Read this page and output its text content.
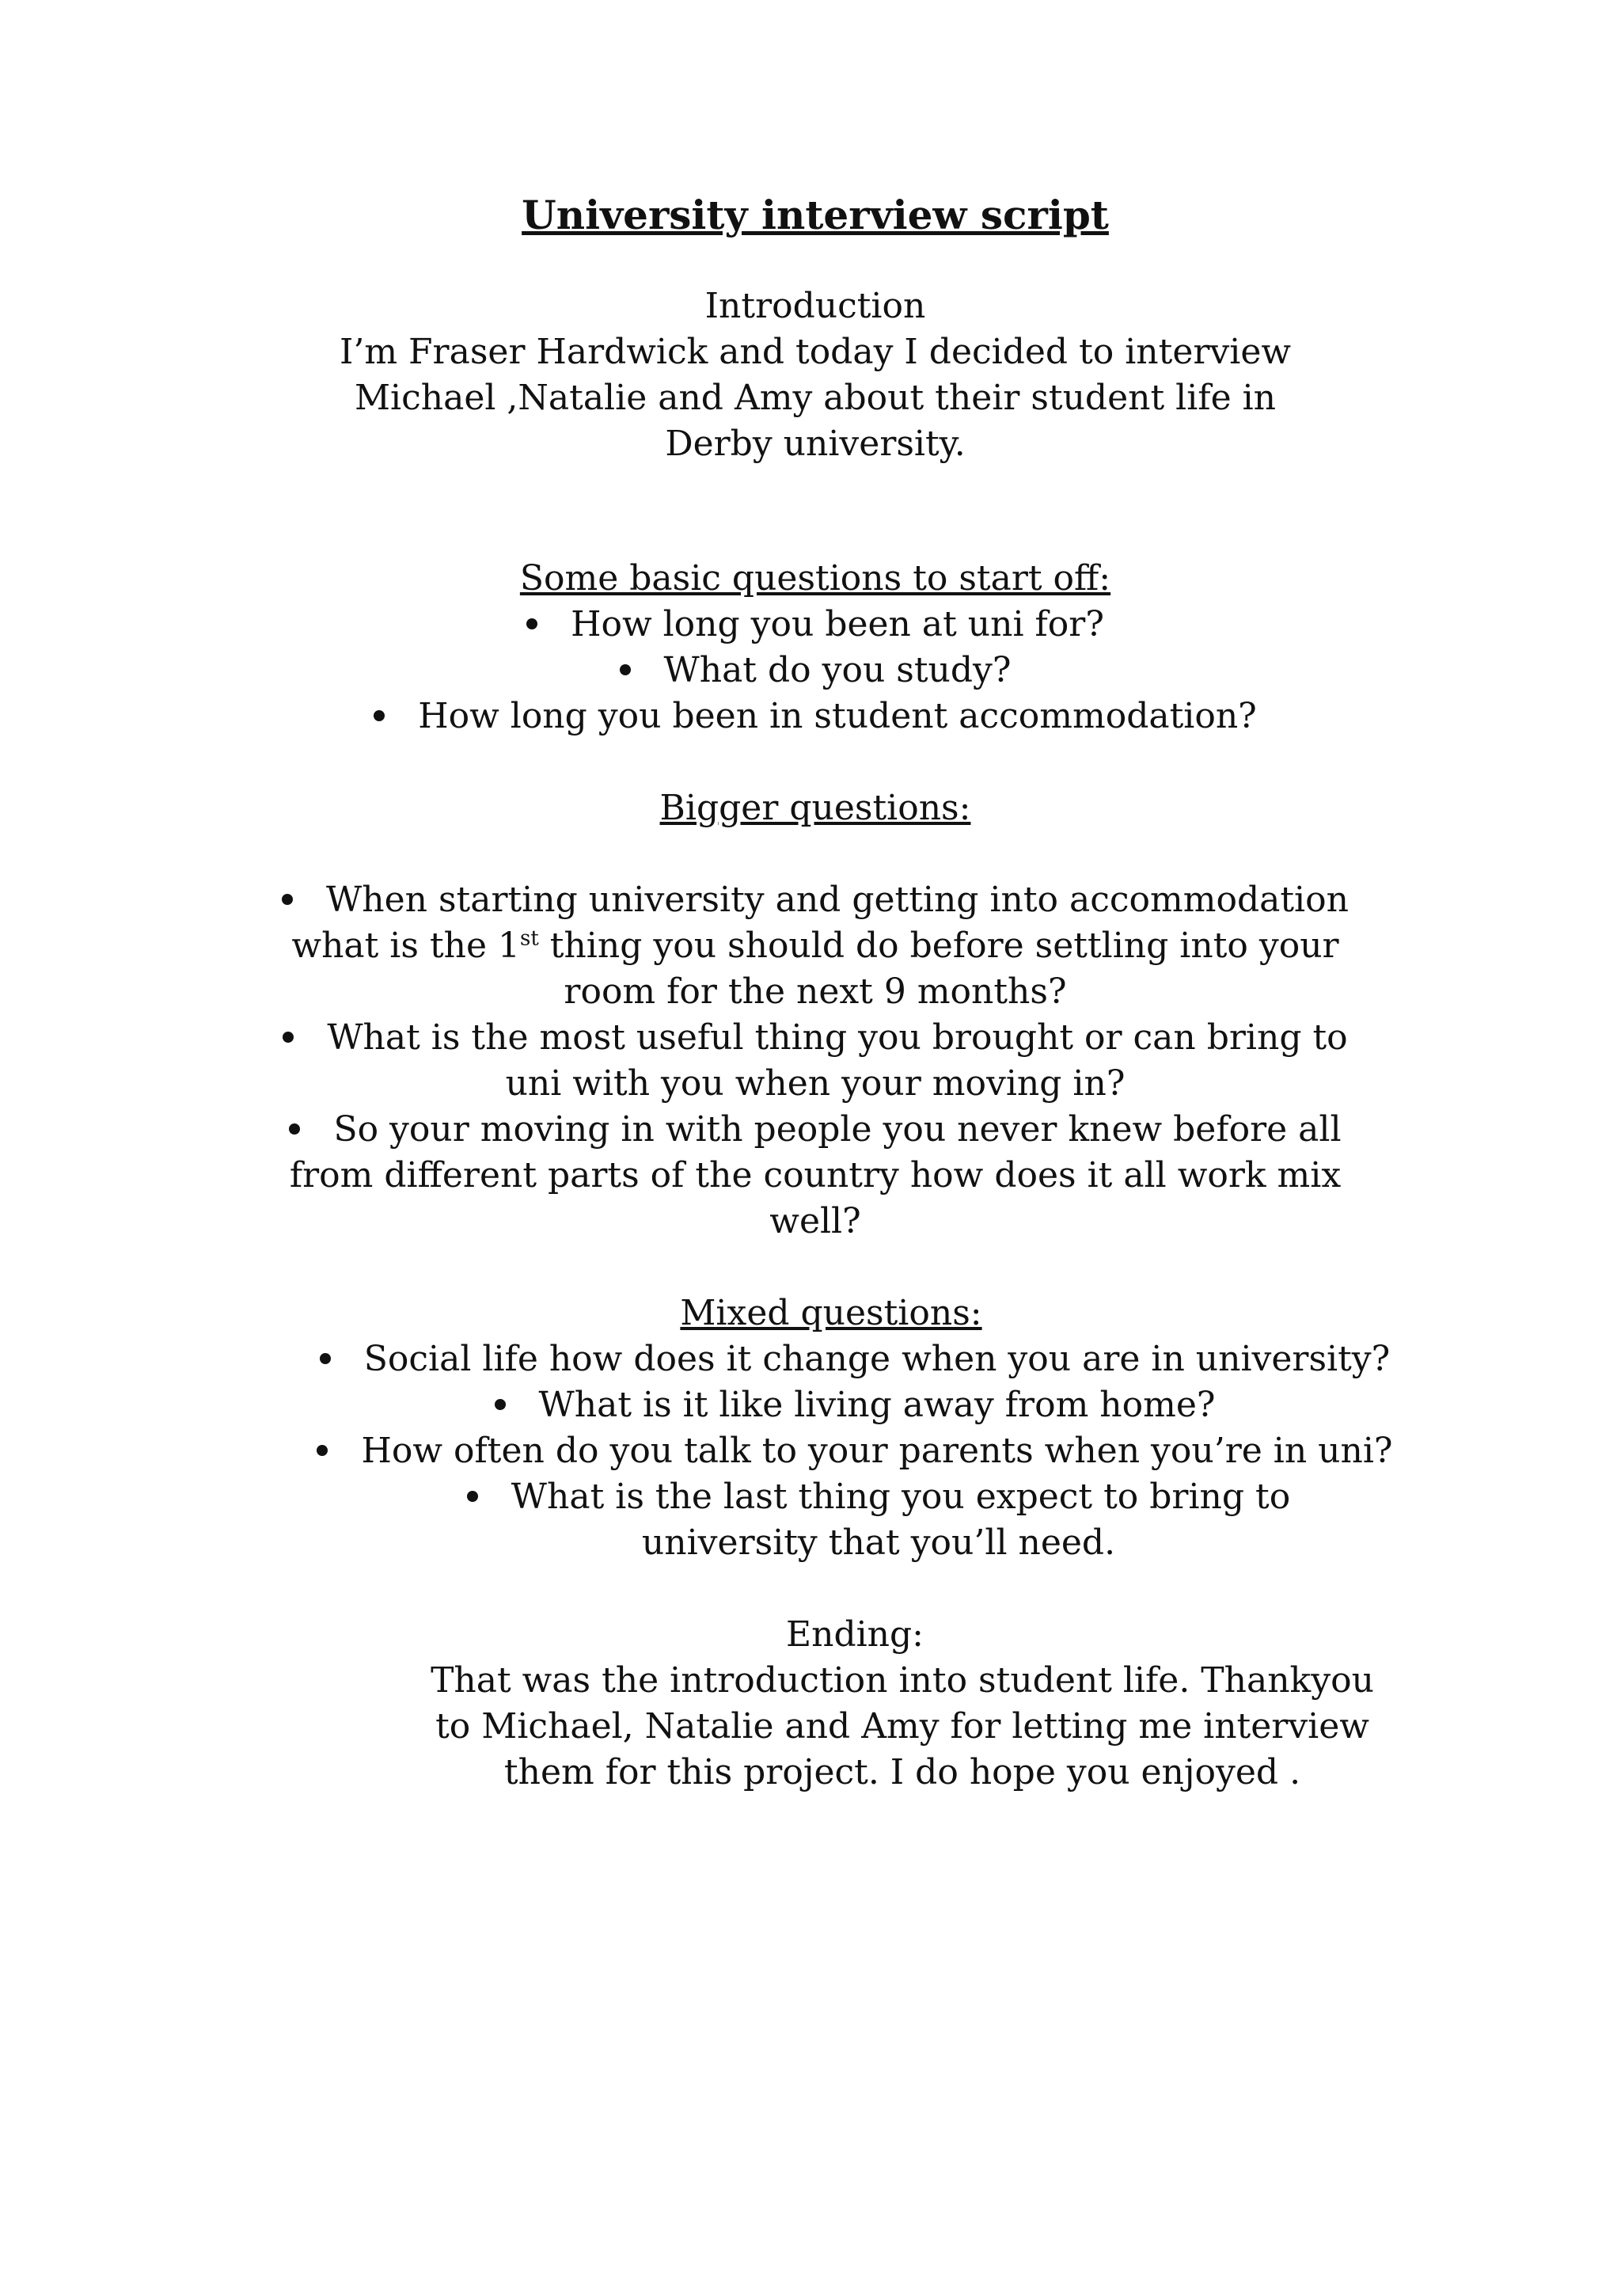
University interview script
Introduction
I’m Fraser Hardwick and today I decided to interview Michael ,Natalie and Amy about their student life in Derby university.
Some basic questions to start off:
How long you been at uni for?
What do you study?
How long you been in student accommodation?
Bigger questions:
When starting university and getting into accommodation what is the 1st thing you should do before settling into your room for the next 9 months?
What is the most useful thing you brought or can bring to uni with you when your moving in?
So your moving in with people you never knew before all from different parts of the country how does it all work mix well?
Mixed questions:
Social life how does it change when you are in university?
What is it like living away from home?
How often do you talk to your parents when you’re in uni?
What is the last thing you expect to bring to university that you’ll need.
Ending:
That was the introduction into student life. Thankyou to Michael, Natalie and Amy for letting me interview them for this project. I do hope you enjoyed .
